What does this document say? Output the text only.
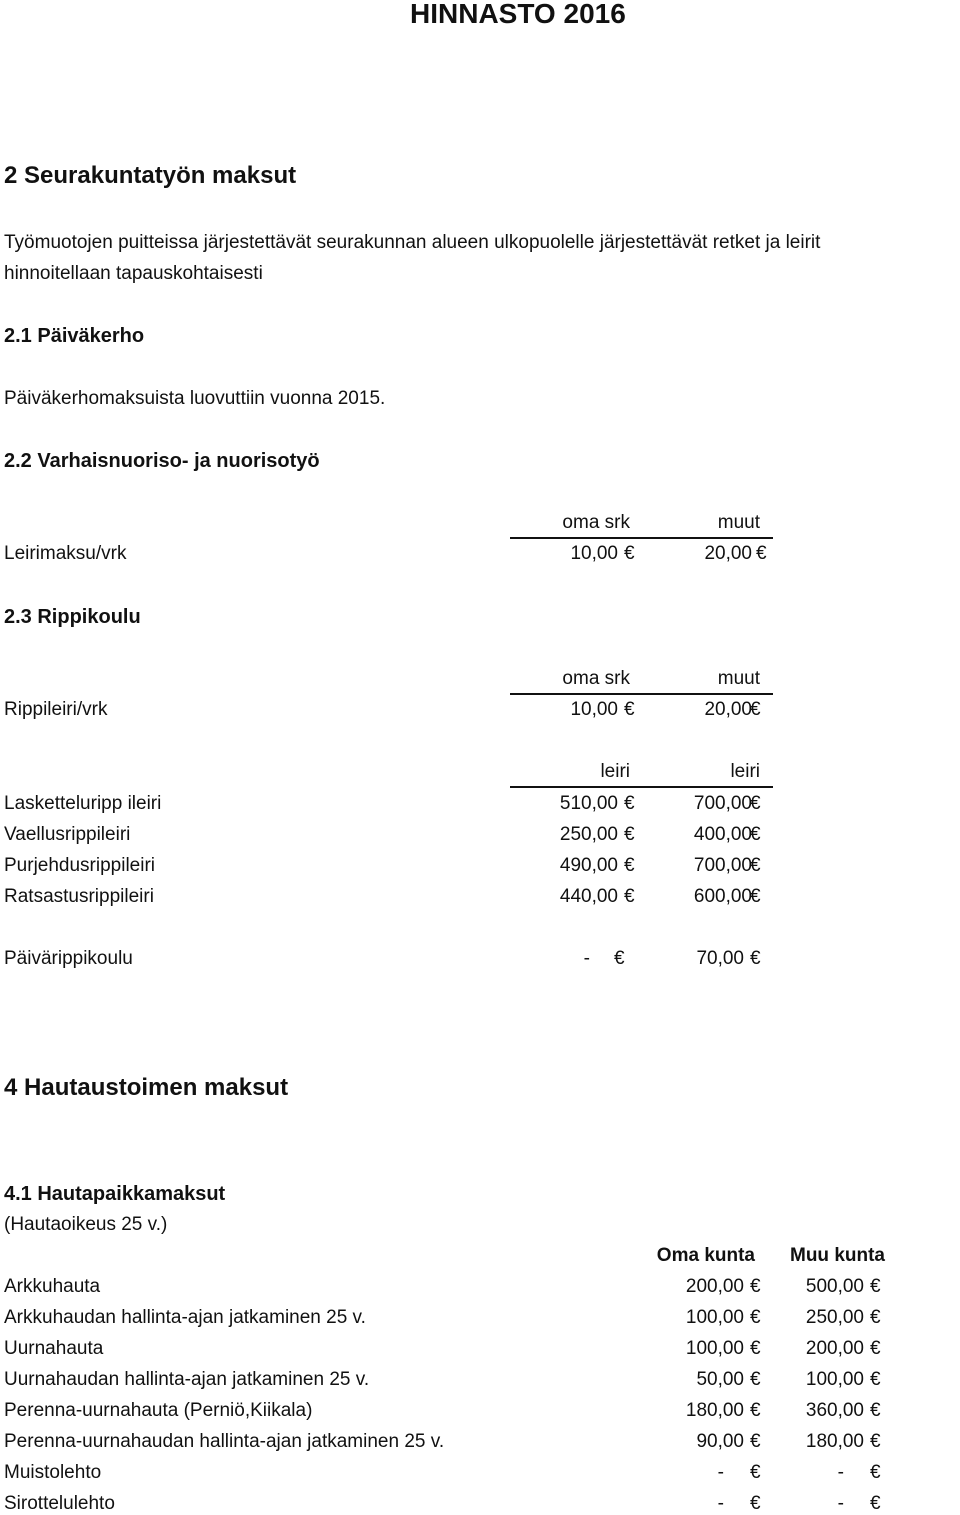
HINNASTO 2016
2 Seurakuntatyön maksut
Työmuotojen puitteissa järjestettävät seurakunnan alueen ulkopuolelle järjestettävät retket ja leirit
hinnoitellaan tapauskohtaisesti
2.1 Päiväkerho
Päiväkerhomaksuista luovuttiin vuonna 2015.
2.2 Varhaisnuoriso- ja nuorisotyö
oma srk	muut
Leirimaksu/vrk	10,00 €	20,00 €
2.3 Rippikoulu
oma srk	muut
Rippileiri/vrk	10,00 €	20,00
€
leiri	leiri
Lasketteluripp ileiri	510,00 €	700,00
€
Vaellusrippileiri	250,00 €	400,00
€
Purjehdusrippileiri	490,00 €	700,00
€
Ratsastusrippileiri	440,00 €	600,00
€
Päivärippikoulu	- €	70,00 €
4 Hautaustoimen maksut
4.1 Hautapaikkamaksut
(Hautaoikeus 25 v.)
Oma kunta Muu kunta
Arkkuhauta	200,00 € 500,00 €
Arkkuhaudan hallinta-ajan jatkaminen 25 v.	100,00 € 250,00 €
Uurnahauta	100,00 € 200,00 €
Uurnahaudan hallinta-ajan jatkaminen 25 v.	50,00 € 100,00 €
Perenna-uurnahauta (Perniö,Kiikala)	180,00 € 360,00 €
Perenna-uurnahaudan hallinta-ajan jatkaminen 25 v.	90,00 € 180,00 €
Muistolehto	- €	- €
Sirottelulehto	- €	- €
